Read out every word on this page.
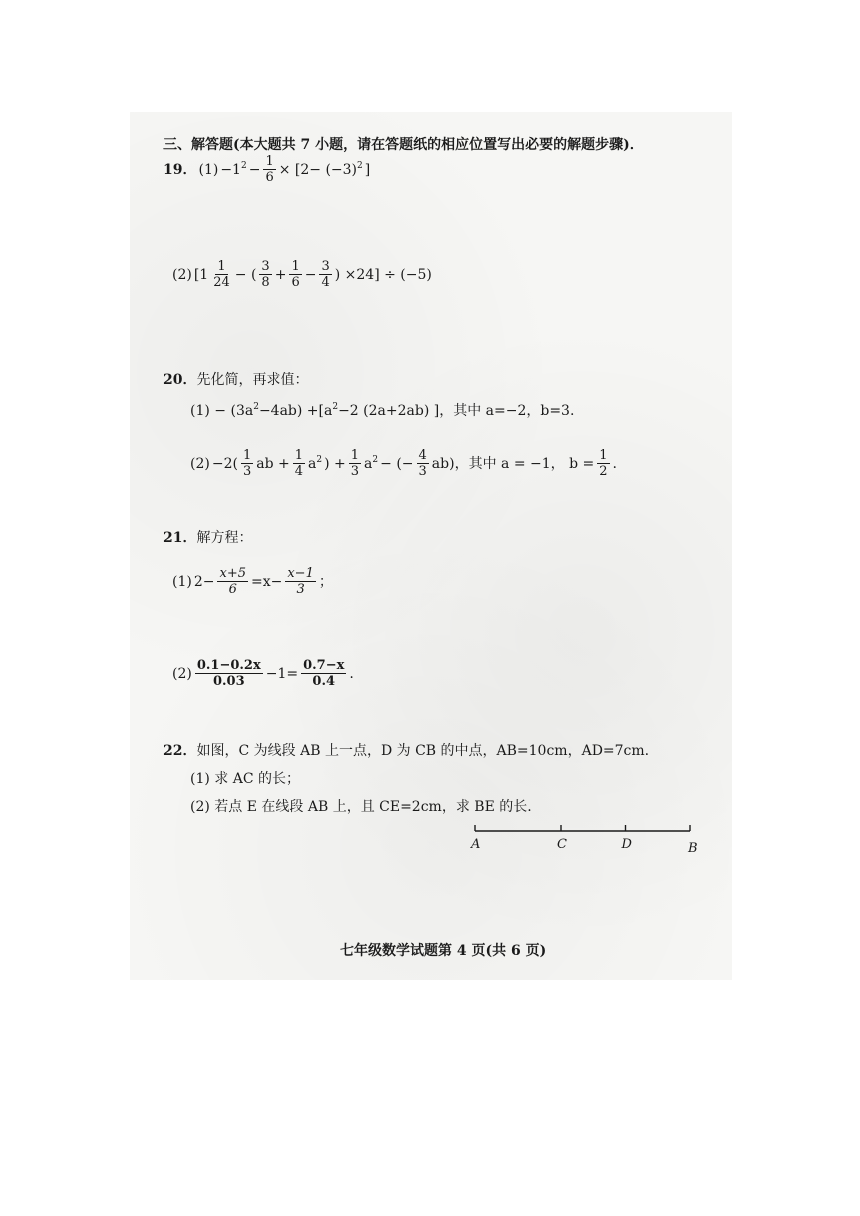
三、解答题(本大题共 7 小题，请在答题纸的相应位置写出必要的解题步骤)．
19． $(1) -1^2 - \frac{1}{6} \times [2- (-3)^2$ ]
(2) [$1 \frac{1}{24}$ − ( $\frac{3}{8} + \frac{1}{6} - \frac{3}{4}$ ) ×24] ÷ (−5)
20．先化简，再求值：
$(1) - (3a^2-4ab) +[a^2-2$ (2a+2ab) ]，其中 a=−2，b=3.
$(2) -2( \frac{1}{3}$ ab + $\frac{1}{4} a^2$ ) + $\frac{1}{3} a^2$ − (− $\frac{4}{3} ab$)，其中 a = −1， $b = \frac{1}{2}$ .
21．解方程：
(1) $2- \frac{x+5}{6} =x- \frac{x-1}{3}$ ；
$(2) \frac{0.1-0.2x}{0.03} -1= \frac{0.7-x}{0.4}$ .
22．如图，C 为线段 AB 上一点，D 为 CB 的中点，AB=10cm，AD=7cm.
(1) 求 AC 的长；
(2) 若点 E 在线段 AB 上，且 CE=2cm，求 BE 的长.
A	C	D	B
七年级数学试题第 4 页(共 6 页)
